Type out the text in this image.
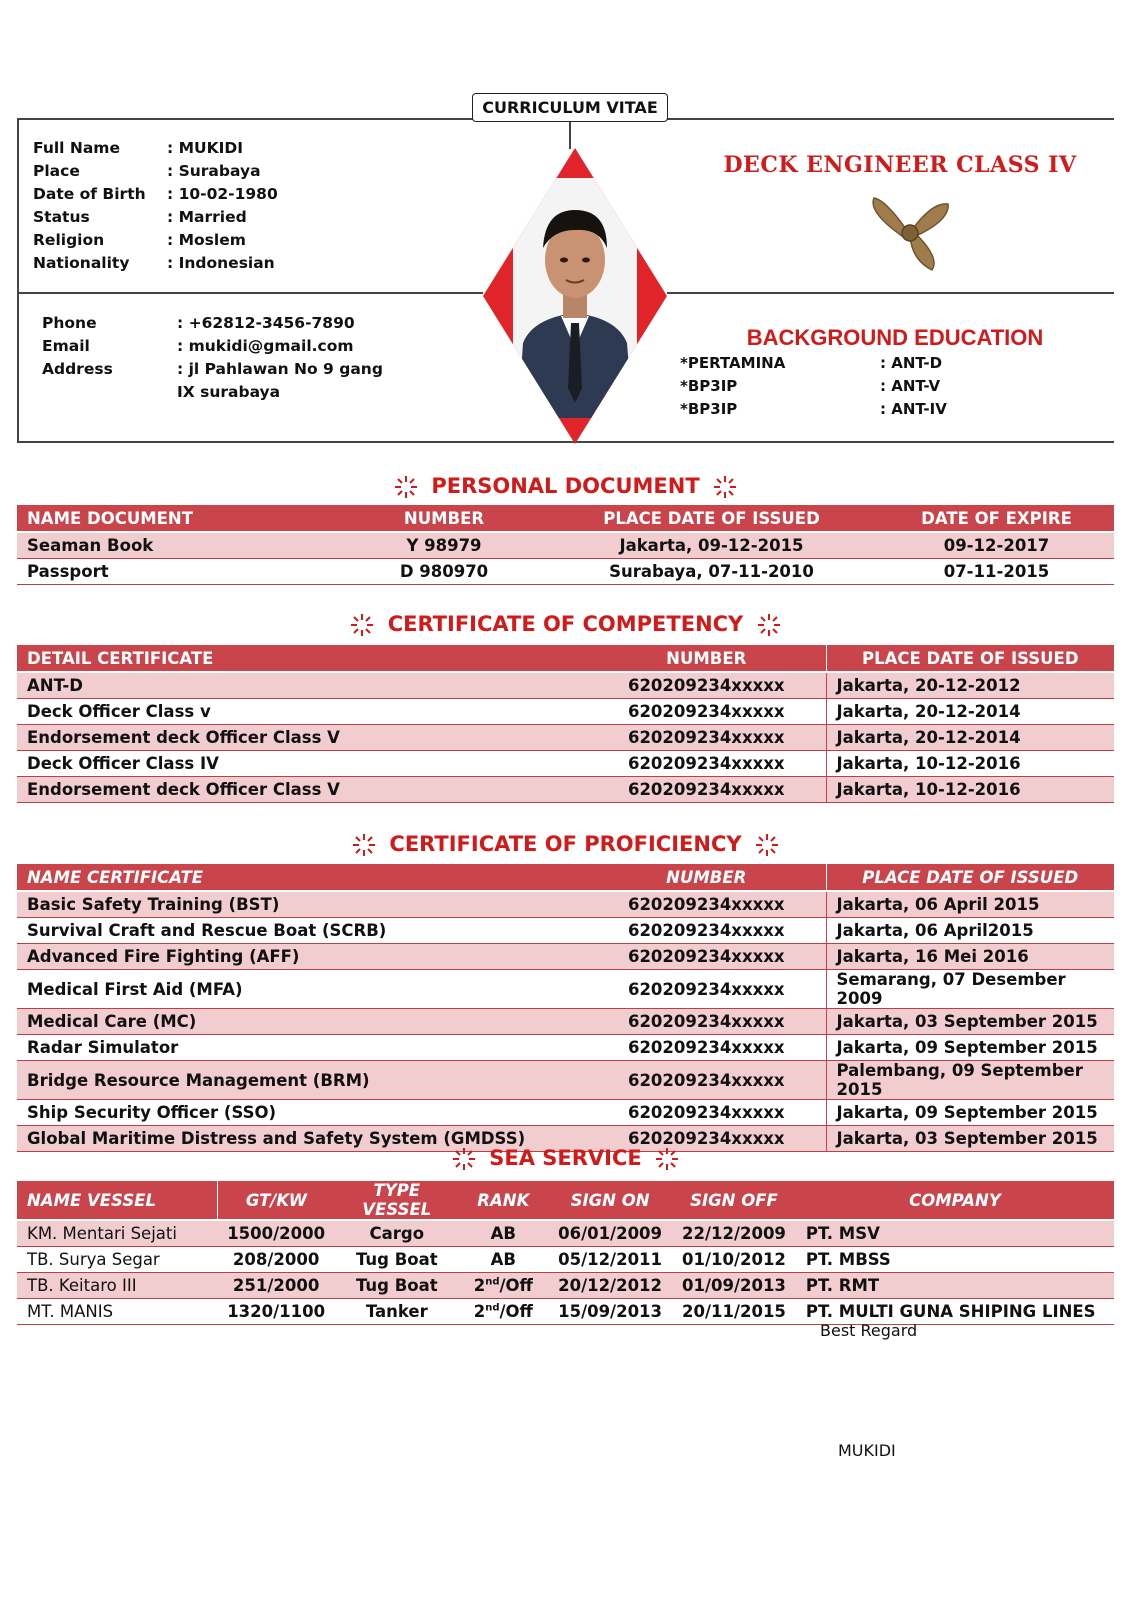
CURRICULUM VITAE
Full Name	: MUKIDI
Place	: Surabaya
Date of Birth	: 10-02-1980
Status	: Married
Religion	: Moslem
Nationality	: Indonesian
Phone	: +62812-3456-7890
Email	: mukidi@gmail.com
Address	: jl Pahlawan No 9 gang IX surabaya
DECK ENGINEER CLASS IV
BACKGROUND EDUCATION
*PERTAMINA	: ANT-D
*BP3IP	: ANT-V
*BP3IP	: ANT-IV
PERSONAL DOCUMENT
NAME DOCUMENT	NUMBER	PLACE DATE OF ISSUED	DATE OF EXPIRE
Seaman Book	Y 98979	Jakarta, 09-12-2015	09-12-2017
Passport	D 980970	Surabaya, 07-11-2010	07-11-2015
CERTIFICATE OF COMPETENCY
DETAIL CERTIFICATE	NUMBER	PLACE DATE OF ISSUED
ANT-D	620209234xxxxx	Jakarta, 20-12-2012
Deck Officer Class v	620209234xxxxx	Jakarta, 20-12-2014
Endorsement deck Officer Class V	620209234xxxxx	Jakarta, 20-12-2014
Deck Officer Class IV	620209234xxxxx	Jakarta, 10-12-2016
Endorsement deck Officer Class V	620209234xxxxx	Jakarta, 10-12-2016
CERTIFICATE OF PROFICIENCY
NAME CERTIFICATE	NUMBER	PLACE DATE OF ISSUED
Basic Safety Training (BST)	620209234xxxxx	Jakarta, 06 April 2015
Survival Craft and Rescue Boat (SCRB)	620209234xxxxx	Jakarta, 06 April2015
Advanced Fire Fighting (AFF)	620209234xxxxx	Jakarta, 16 Mei 2016
Medical First Aid (MFA)	620209234xxxxx	Semarang, 07 Desember 2009
Medical Care (MC)	620209234xxxxx	Jakarta, 03 September 2015
Radar Simulator	620209234xxxxx	Jakarta, 09 September 2015
Bridge Resource Management (BRM)	620209234xxxxx	Palembang, 09 September 2015
Ship Security Officer (SSO)	620209234xxxxx	Jakarta, 09 September 2015
Global Maritime Distress and Safety System (GMDSS)	620209234xxxxx	Jakarta, 03 September 2015
SEA SERVICE
NAME VESSEL	GT/KW	TYPE VESSEL	RANK	SIGN ON	SIGN OFF	COMPANY
KM. Mentari Sejati	1500/2000	Cargo	AB	06/01/2009	22/12/2009	PT. MSV
TB. Surya Segar	208/2000	Tug Boat	AB	05/12/2011	01/10/2012	PT. MBSS
TB. Keitaro III	251/2000	Tug Boat	2nd/Off	20/12/2012	01/09/2013	PT. RMT
MT. MANIS	1320/1100	Tanker	2nd/Off	15/09/2013	20/11/2015	PT. MULTI GUNA SHIPING LINES
Best Regard
MUKIDI
